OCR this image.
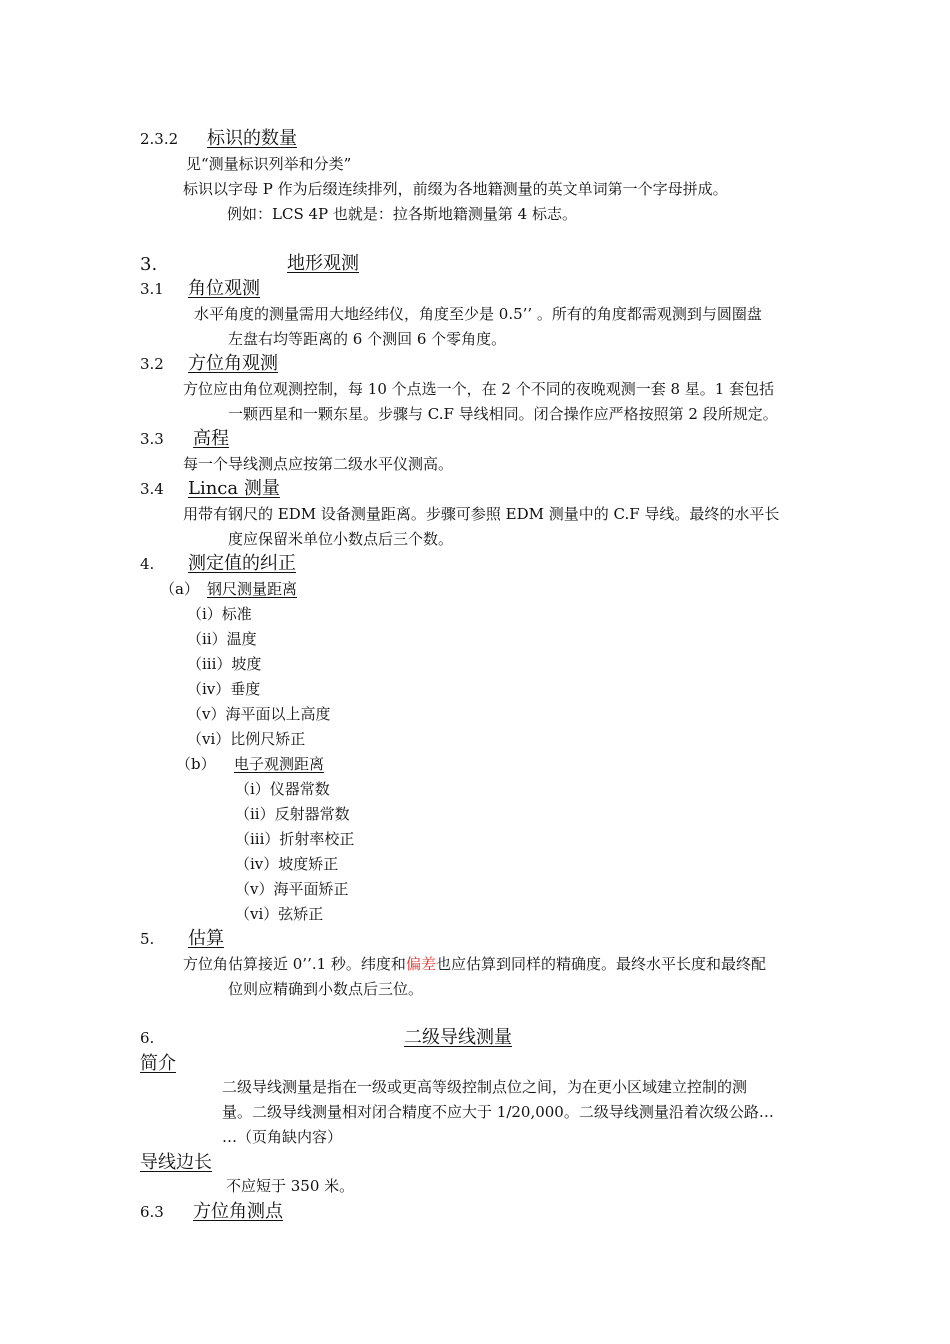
2.3.2 标识的数量
见“测量标识列举和分类”
标识以字母 P 作为后缀连续排列，前缀为各地籍测量的英文单词第一个字母拼成。
例如：LCS 4P 也就是：拉各斯地籍测量第 4 标志。
3.	地形观测
3.1 角位观测
水平角度的测量需用大地经纬仪，角度至少是 0.5’’ 。所有的角度都需观测到与圆圈盘
左盘右均等距离的 6 个测回 6 个零角度。
3.2 方位角观测
方位应由角位观测控制，每 10 个点选一个，在 2 个不同的夜晚观测一套 8 星。1 套包括
一颗西星和一颗东星。步骤与 C.F 导线相同。闭合操作应严格按照第 2 段所规定。
3.3 高程
每一个导线测点应按第二级水平仪测高。
3.4 Linca 测量
用带有钢尺的 EDM 设备测量距离。步骤可参照 EDM 测量中的 C.F 导线。最终的水平长
度应保留米单位小数点后三个数。
4. 测定值的纠正
（a） 钢尺测量距离
（i）标准
（ii）温度
（iii）坡度
（iv）垂度
（v）海平面以上高度
（vi）比例尺矫正
（b） 电子观测距离
（i）仪器常数
（ii）反射器常数
（iii）折射率校正
（iv）坡度矫正
（v）海平面矫正
（vi）弦矫正
5. 估算
方位角估算接近 0’’.1 秒。纬度和偏差也应估算到同样的精确度。最终水平长度和最终配
位则应精确到小数点后三位。
6.	二级导线测量
简介
二级导线测量是指在一级或更高等级控制点位之间，为在更小区域建立控制的测
量。二级导线测量相对闭合精度不应大于 1/20,000。二级导线测量沿着次级公路…
…（页角缺内容）
导线边长
不应短于 350 米。
6.3 方位角测点
